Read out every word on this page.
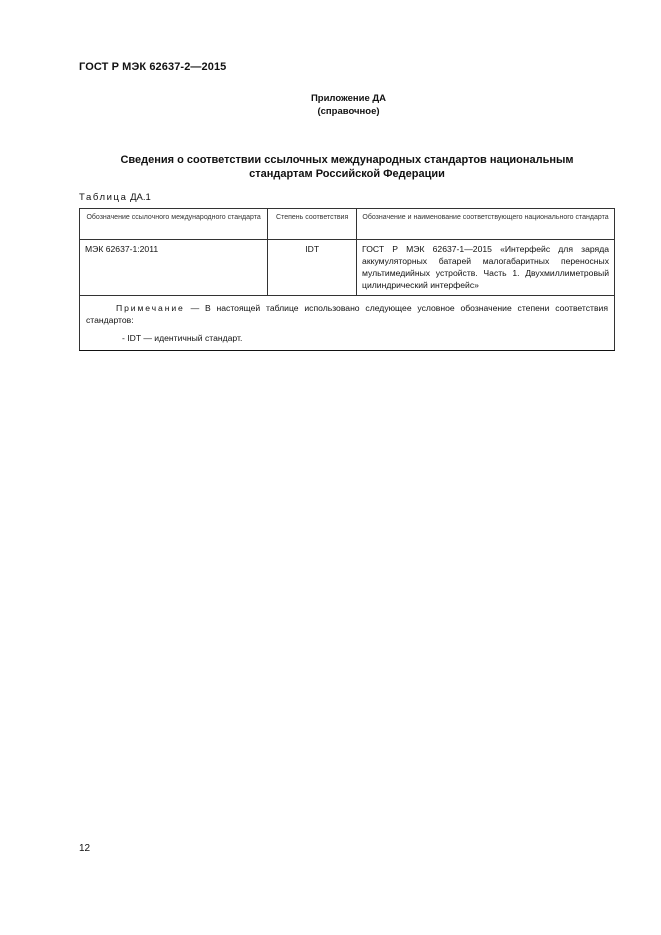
ГОСТ Р МЭК 62637-2—2015
Приложение ДА
(справочное)
Сведения о соответствии ссылочных международных стандартов национальным
стандартам Российской Федерации
Таблица ДА.1
Обозначение ссылочного международного стандарта	Степень соответствия	Обозначение и наименование соответствующего национального стандарта
МЭК 62637-1:2011	IDT	ГОСТ Р МЭК 62637-1—2015 «Интерфейс для заряда аккумуляторных батарей малогабаритных переносных мультимедийных устройств. Часть 1. Двухмиллиметровый цилиндрический интерфейс»

Примечание — В настоящей таблице использовано следующее условное обозначение степени соответствия стандартов:

- IDT — идентичный стандарт.		

12
